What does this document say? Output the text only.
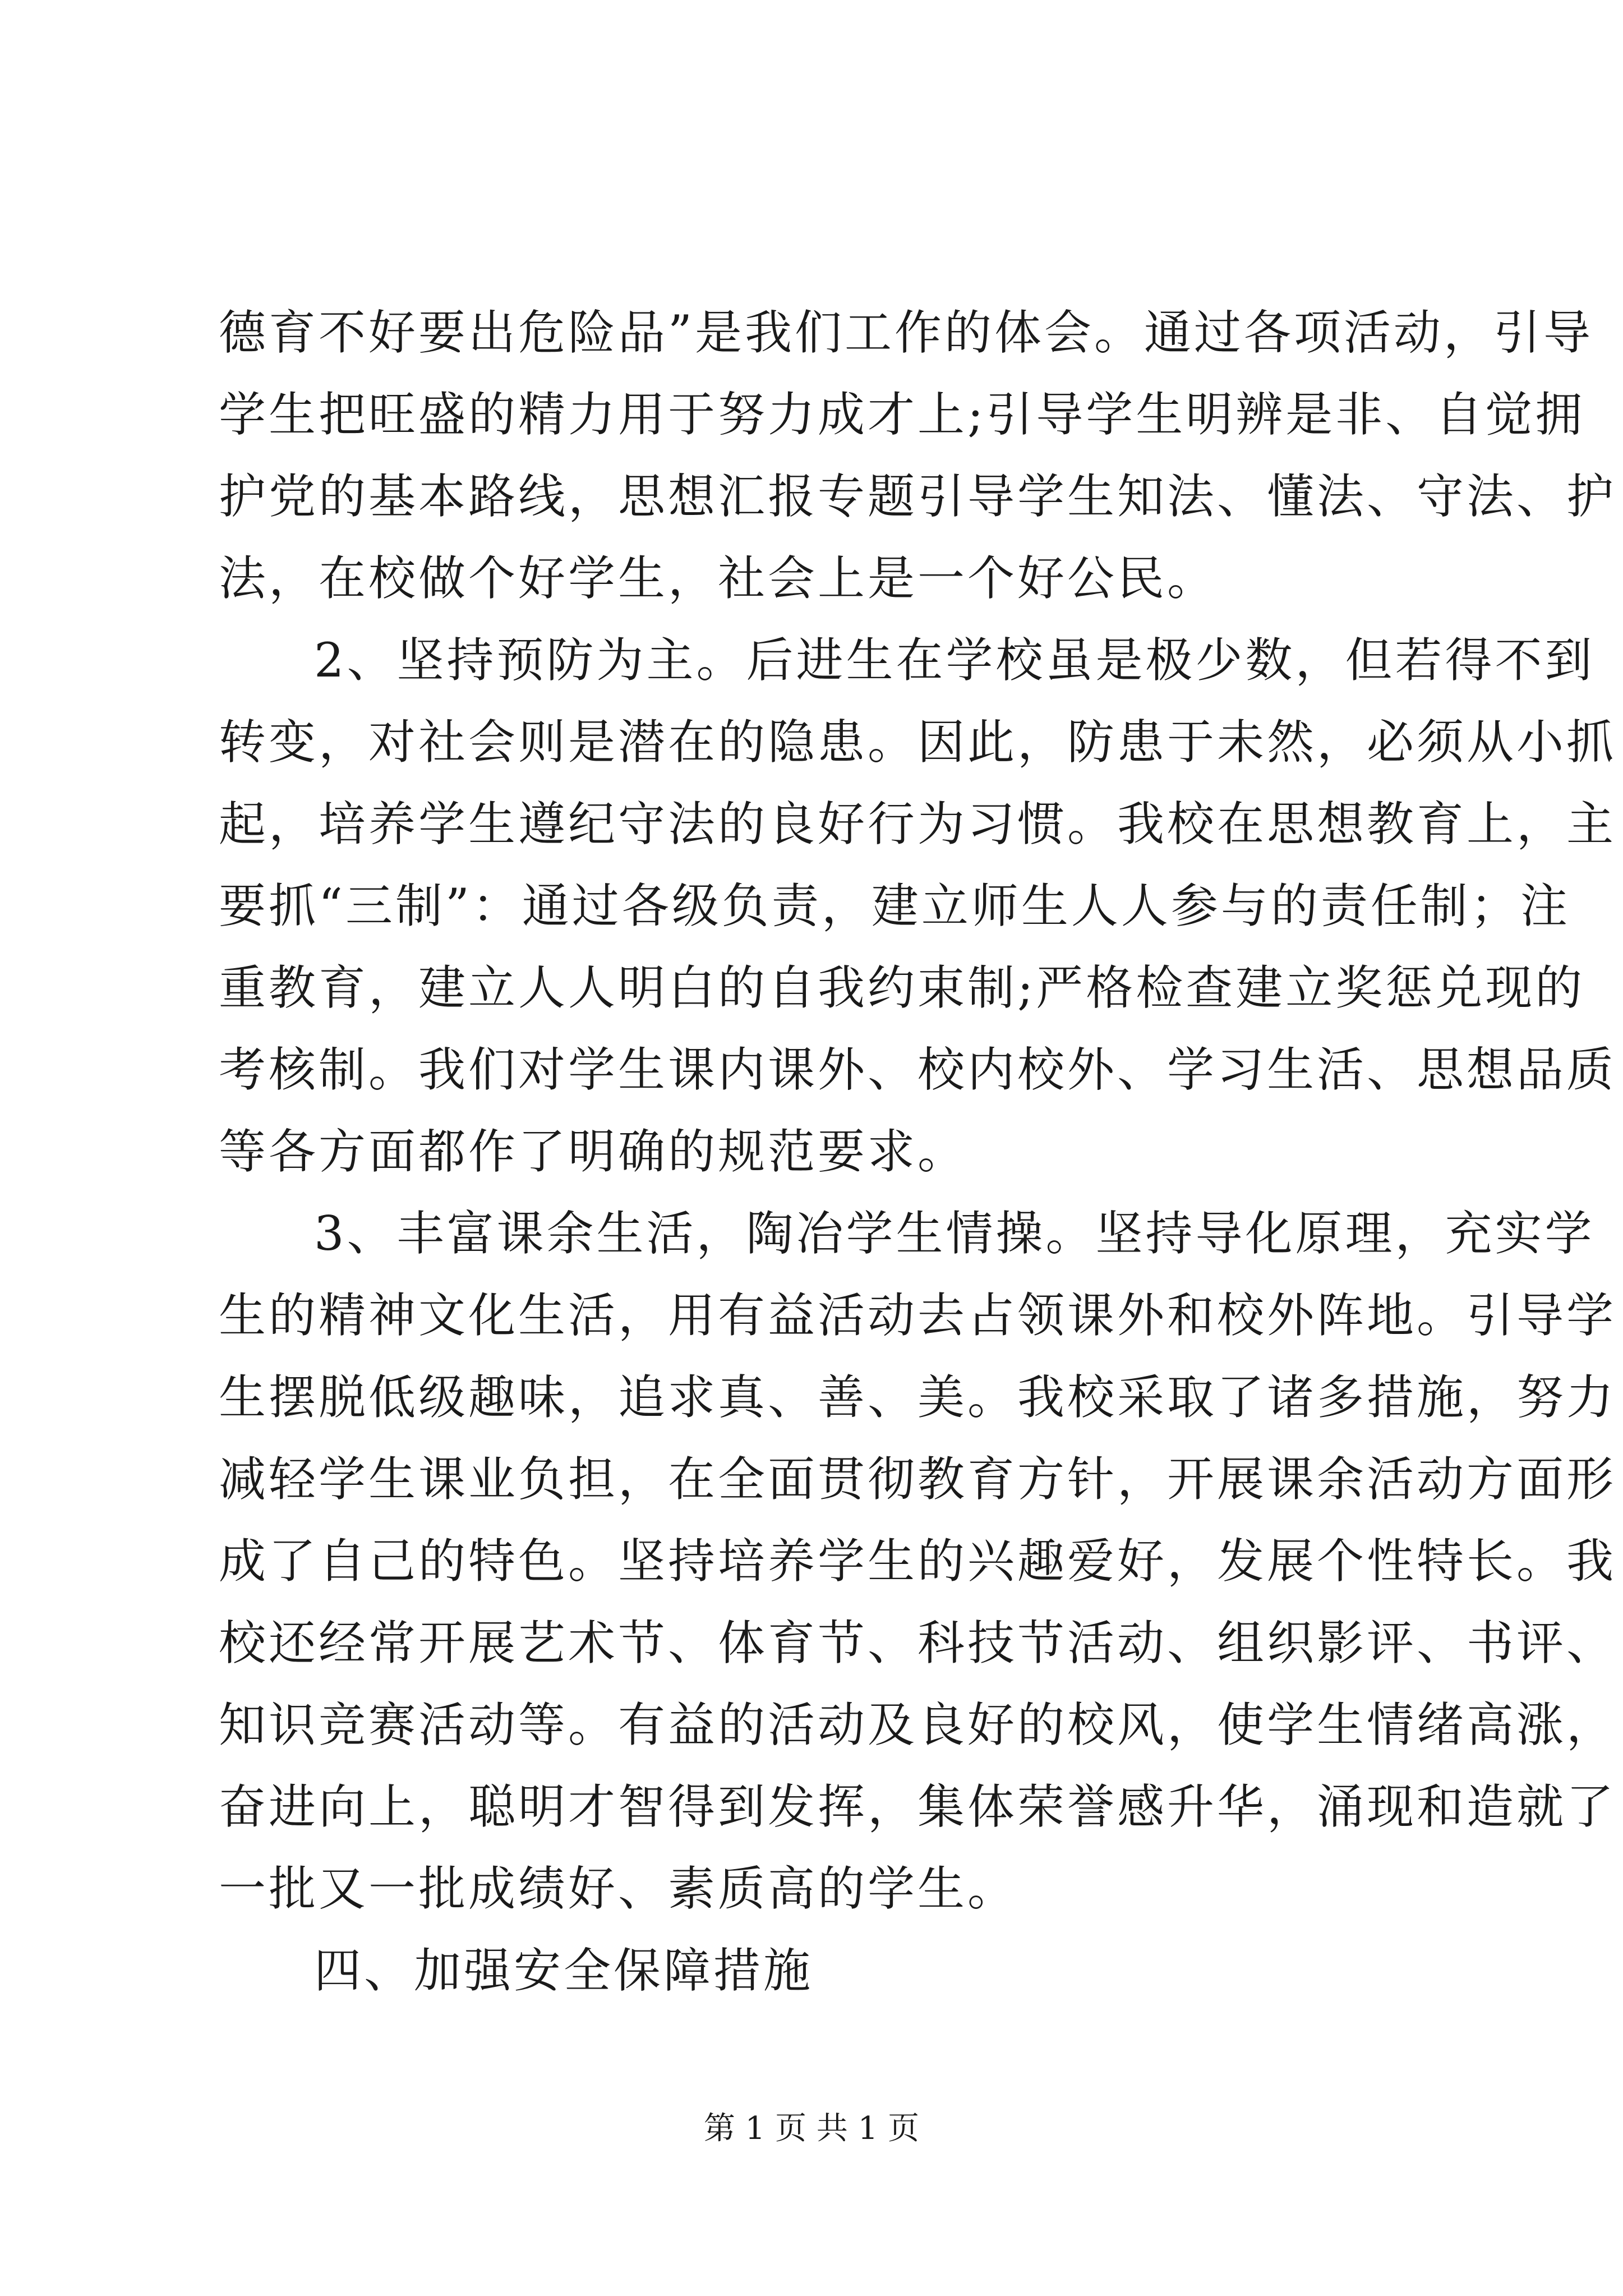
德育不好要出危险品”是我们工作的体会。通过各项活动，引导
学生把旺盛的精力用于努力成才上;引导学生明辨是非、自觉拥
护党的基本路线，思想汇报专题引导学生知法、懂法、守法、护
法，在校做个好学生，社会上是一个好公民。
2、坚持预防为主。后进生在学校虽是极少数，但若得不到
转变，对社会则是潜在的隐患。因此，防患于未然，必须从小抓
起，培养学生遵纪守法的良好行为习惯。我校在思想教育上，主
要抓“三制”：通过各级负责，建立师生人人参与的责任制；注
重教育，建立人人明白的自我约束制;严格检查建立奖惩兑现的
考核制。我们对学生课内课外、校内校外、学习生活、思想品质
等各方面都作了明确的规范要求。
3、丰富课余生活，陶冶学生情操。坚持导化原理，充实学
生的精神文化生活，用有益活动去占领课外和校外阵地。引导学
生摆脱低级趣味，追求真、善、美。我校采取了诸多措施，努力
减轻学生课业负担，在全面贯彻教育方针，开展课余活动方面形
成了自己的特色。坚持培养学生的兴趣爱好，发展个性特长。我
校还经常开展艺术节、体育节、科技节活动、组织影评、书评、
知识竞赛活动等。有益的活动及良好的校风，使学生情绪高涨，
奋进向上，聪明才智得到发挥，集体荣誉感升华，涌现和造就了
一批又一批成绩好、素质高的学生。
四、加强安全保障措施
第 1 页 共 1 页
